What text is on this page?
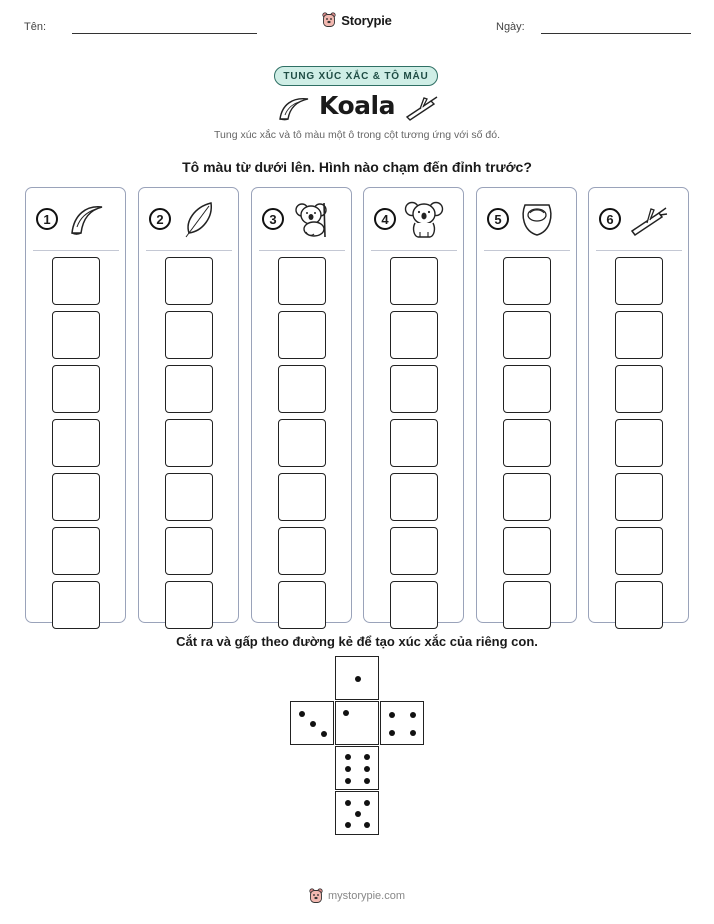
Tên:	Ngày:
Storypie
TUNG XÚC XẮC & TÔ MÀU
Koala
Tung xúc xắc và tô màu một ô trong cột tương ứng với số đó.
Tô màu từ dưới lên. Hình nào chạm đến đỉnh trước?
1	2	3	4	5	6
Cắt ra và gấp theo đường kẻ để tạo xúc xắc của riêng con.
mystorypie.com
